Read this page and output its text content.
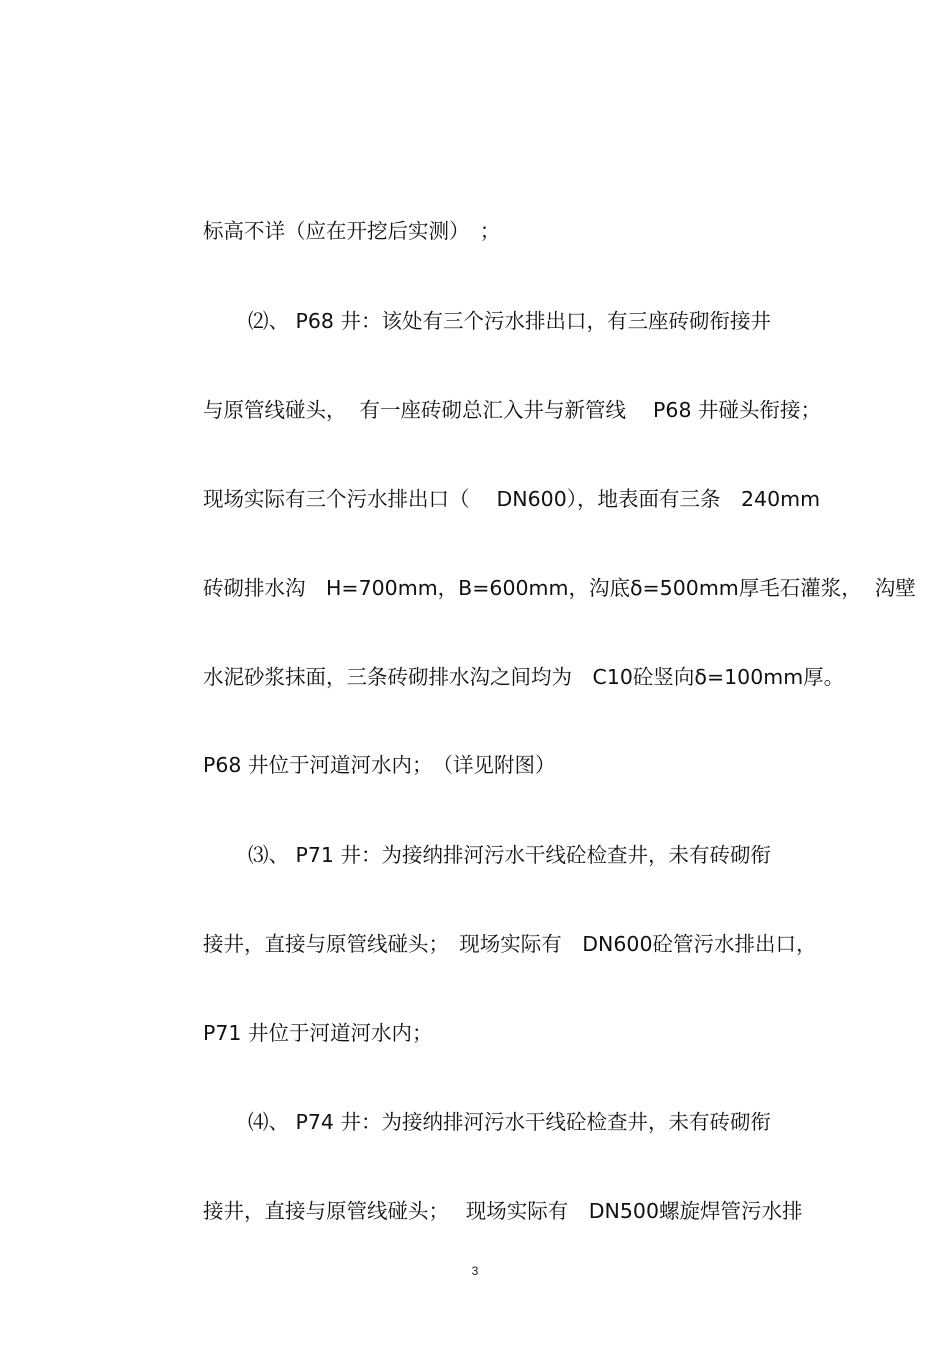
标高不详（应在开挖后实测）　；
⑵、 P68 井：该处有三个污水排出口，有三座砖砌衔接井
与原管线碰头，  有一座砖砌总汇入井与新管线　 P68 井碰头衔接；
现场实际有三个污水排出口（　 DN600），地表面有三条　240mm
砖砌排水沟　H=700mm，B=600mm，沟底δ=500mm厚毛石灌浆，  沟壁
水泥砂浆抹面，三条砖砌排水沟之间均为　C10砼竖向δ=100mm厚。
P68 井位于河道河水内；　（详见附图）
⑶、 P71 井：为接纳排河污水干线砼检查井，未有砖砌衔
接井，直接与原管线碰头；　现场实际有　DN600砼管污水排出口，
P71 井位于河道河水内；
⑷、 P74 井：为接纳排河污水干线砼检查井，未有砖砌衔
接井，直接与原管线碰头；　 现场实际有　DN500螺旋焊管污水排
3
